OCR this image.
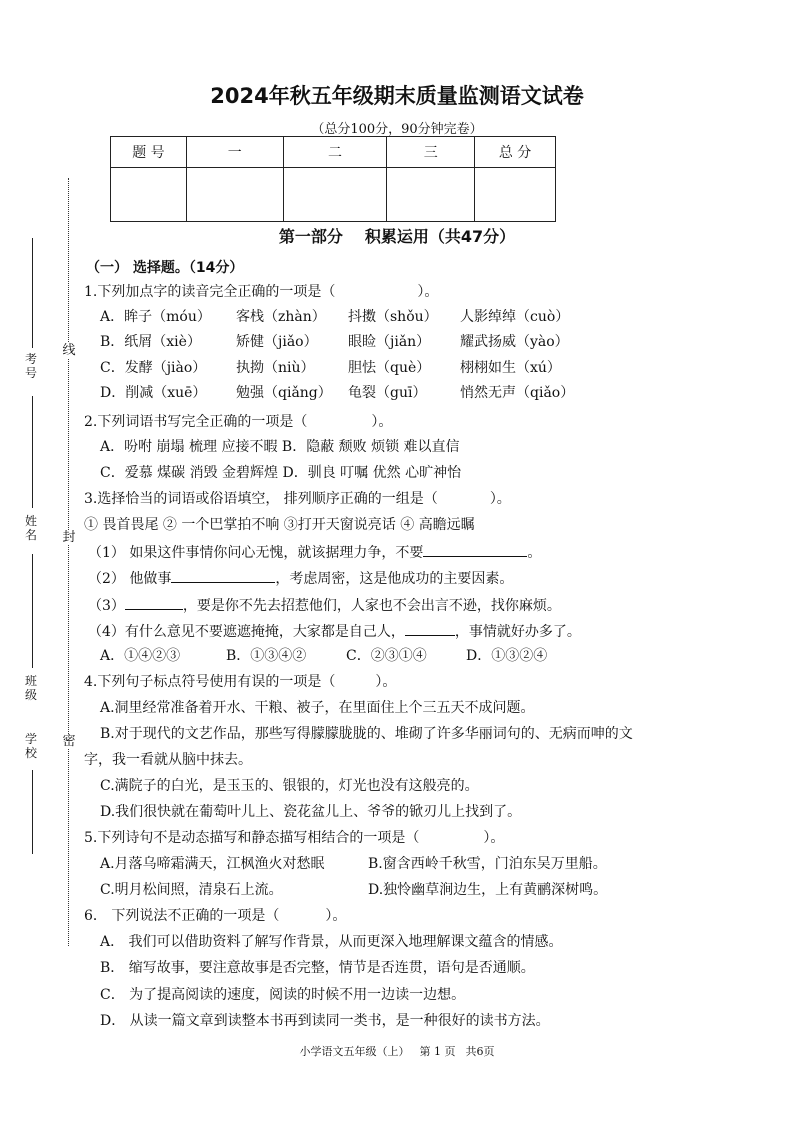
考号
姓名
班级
学校
线
封
密
2024年秋五年级期末质量监测语文试卷
（总分100分，90分钟完卷）
题 号	一	二	三	总 分

第一部分 积累运用（共47分）
（一） 选择题。（14分）
1.下列加点字的读音完全正确的一项是（	）。
A．眸子（móu） 客栈（zhàn） 抖擞（shǒu） 人影绰绰（cuò）
B．纸屑（xiè）	矫健（jiǎo） 眼睑（jiǎn） 耀武扬威（yào）
C．发酵（jiào） 执拗（niù） 胆怯（què） 栩栩如生（xú）
D．削减（xuē） 勉强（qiǎng） 龟裂（guī） 悄然无声（qiǎo）
2.下列词语书写完全正确的一项是（	）。
A．吩咐 崩塌 梳理 应接不暇 B．隐蔽 颓败 烦锁 难以直信
C．爱慕 煤碳 消毁 金碧辉煌 D．驯良 叮嘱 优然 心旷神怡
3.选择恰当的词语或俗语填空， 排列顺序正确的一组是（	）。
① 畏首畏尾 ② 一个巴掌拍不响 ③打开天窗说亮话 ④ 高瞻远瞩
（1） 如果这件事情你问心无愧，就该据理力争，不要	。
（2） 他做事	，考虑周密，这是他成功的主要因素。
（3）	，要是你不先去招惹他们，人家也不会出言不逊，找你麻烦。
（4）有什么意见不要遮遮掩掩，大家都是自己人，	，事情就好办多了。
A．①④②③	B．①③④②	C．②③①④	D．①③②④
4.下列句子标点符号使用有误的一项是（	）。
A.洞里经常准备着开水、干粮、被子，在里面住上个三五天不成问题。
B.对于现代的文艺作品，那些写得朦朦胧胧的、堆砌了许多华丽词句的、无病而呻的文
字，我一看就从脑中抹去。
C.满院子的白光，是玉玉的、银银的，灯光也没有这般亮的。
D.我们很快就在葡萄叶儿上、瓷花盆儿上、爷爷的锨刃儿上找到了。
5.下列诗句不是动态描写和静态描写相结合的一项是（	）。
A.月落乌啼霜满天，江枫渔火对愁眠	B.窗含西岭千秋雪，门泊东吴万里船。
C.明月松间照，清泉石上流。	D.独怜幽草涧边生，上有黄鹂深树鸣。
6． 下列说法不正确的一项是（	）。
A． 我们可以借助资料了解写作背景，从而更深入地理解课文蕴含的情感。
B． 缩写故事，要注意故事是否完整，情节是否连贯，语句是否通顺。
C． 为了提高阅读的速度，阅读的时候不用一边读一边想。
D． 从读一篇文章到读整本书再到读同一类书，是一种很好的读书方法。
小学语文五年级（上） 第 1 页 共6页
